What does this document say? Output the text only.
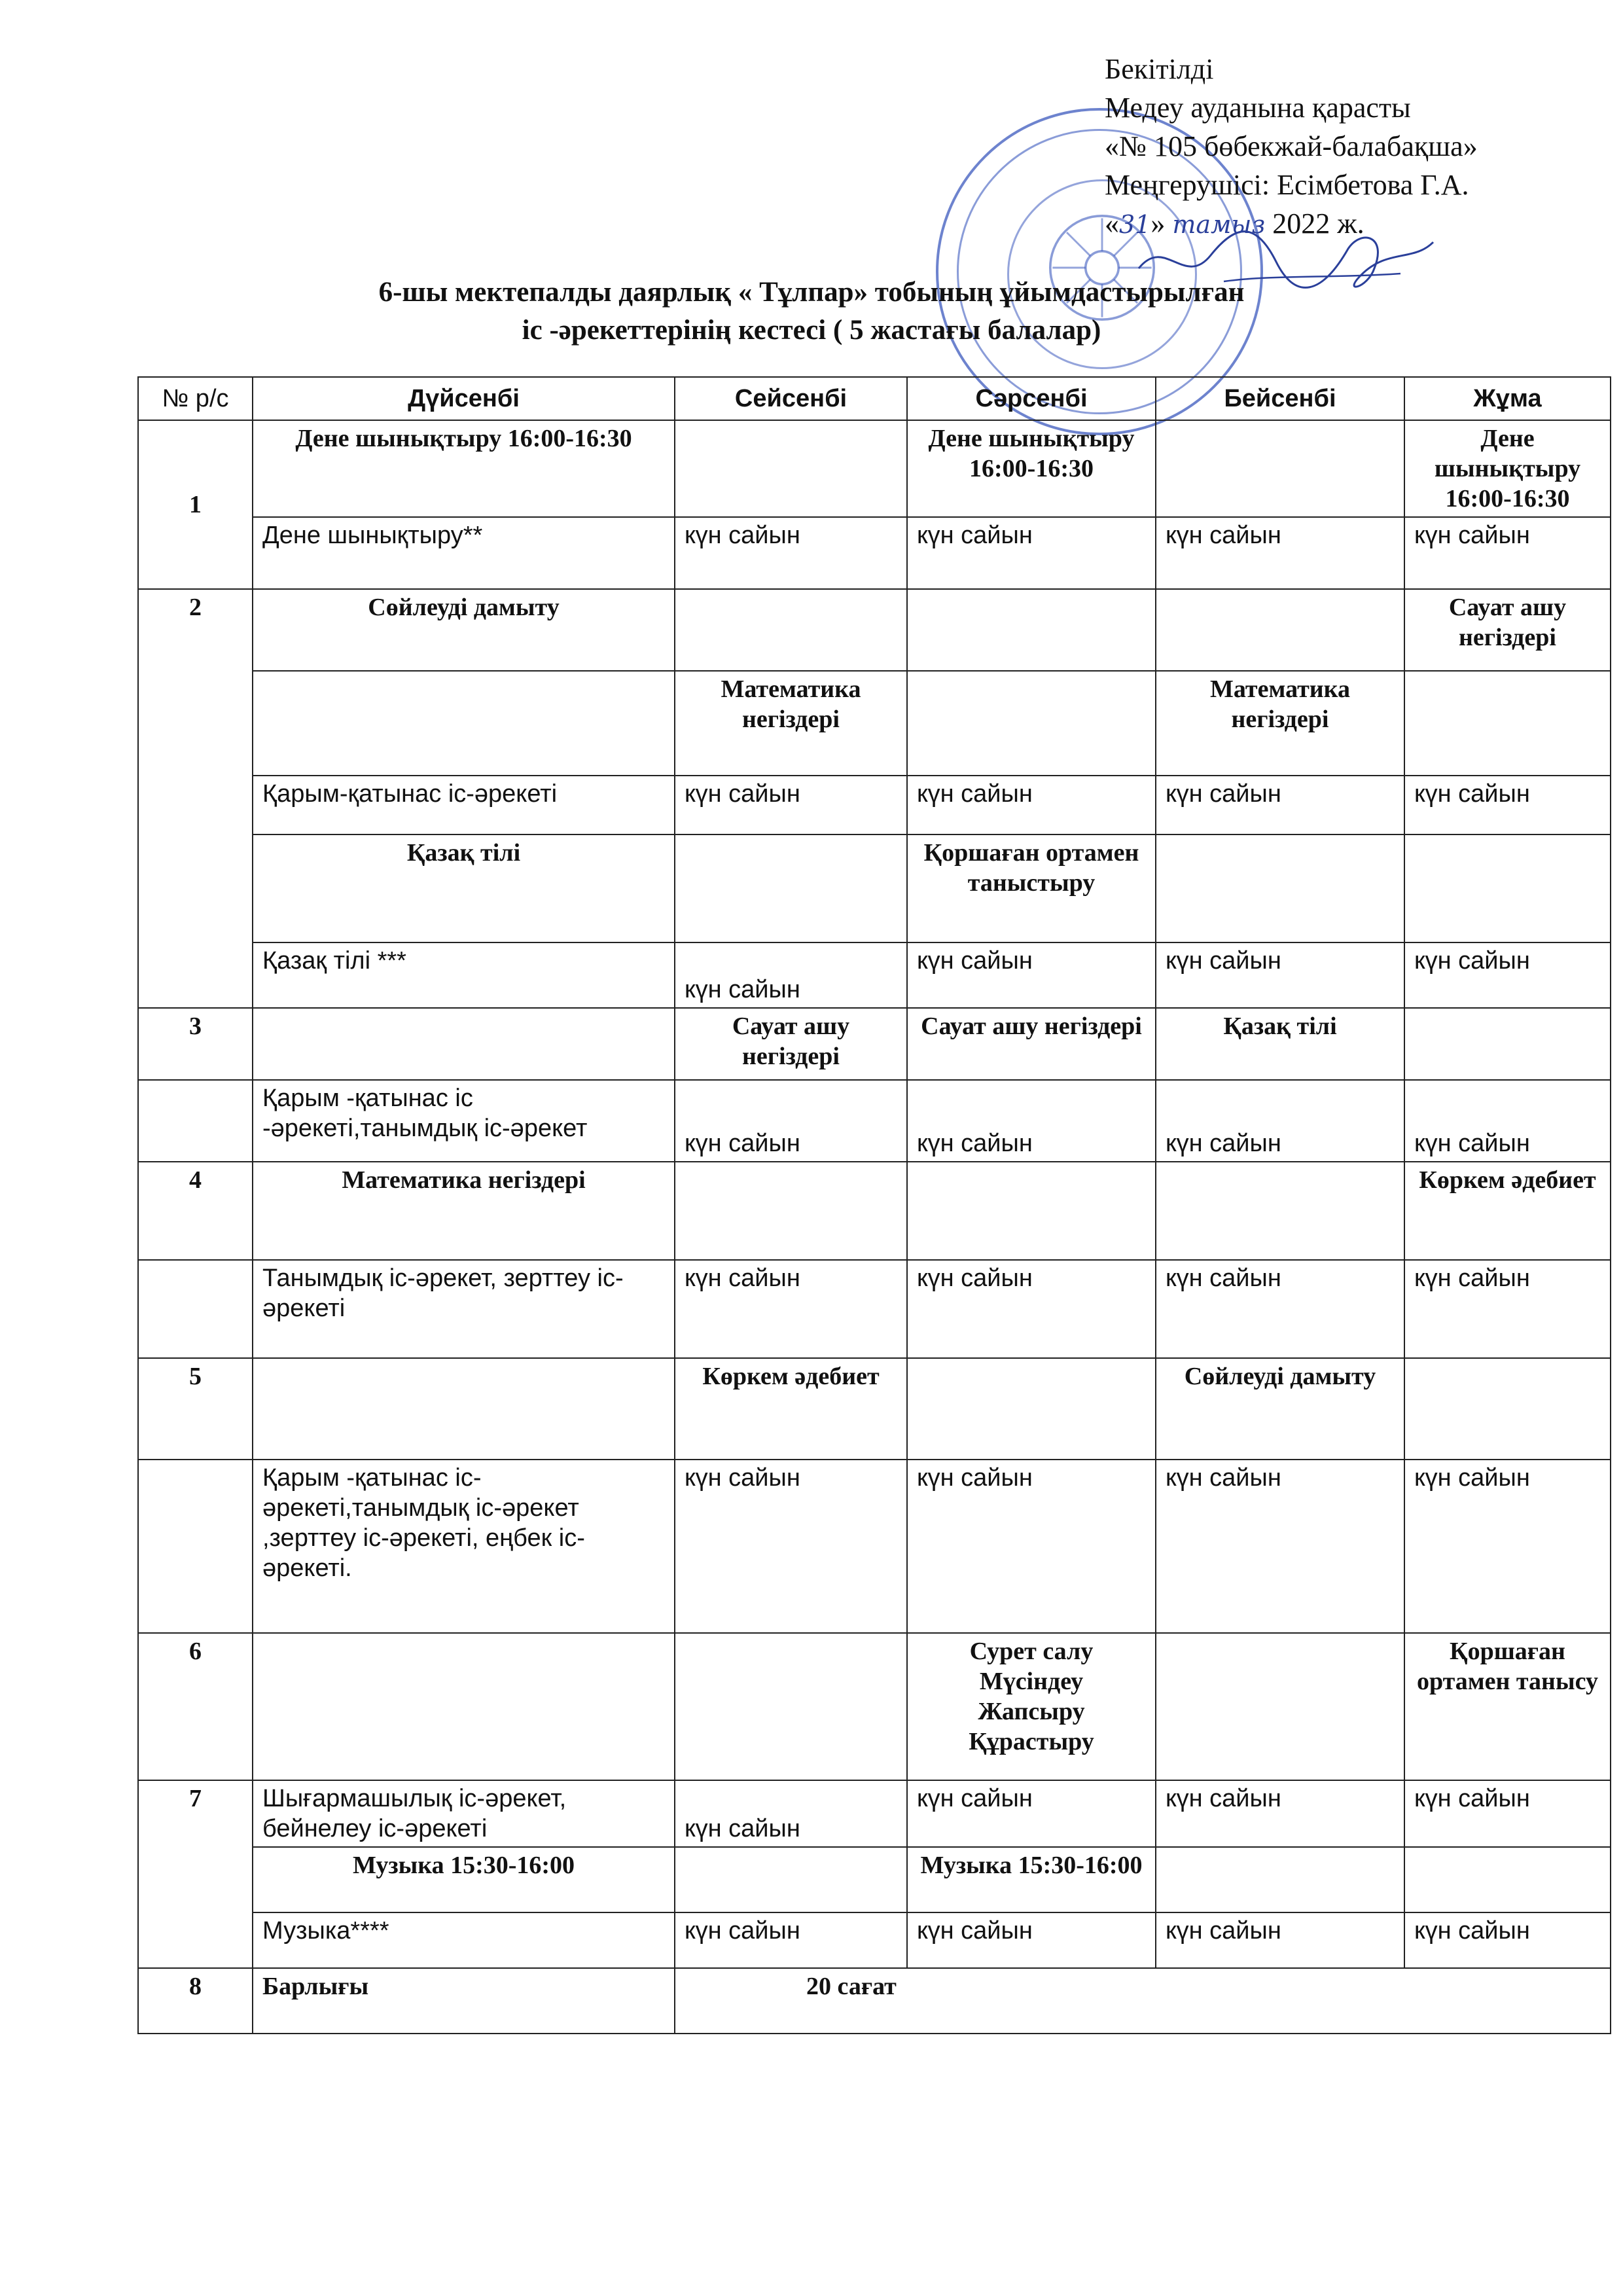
Бекітілді
Медеу ауданына қарасты
«№ 105 бөбекжай-балабақша»
Меңгерушісі: Есімбетова Г.А.
«31» тамыз 2022 ж.
6-шы мектепалды даярлық « Тұлпар» тобының ұйымдастырылған
іс -әрекеттерінің кестесі ( 5 жастағы балалар)
№ р/с	Дүйсенбі	Сейсенбі	Сәрсенбі	Бейсенбі	Жұма
1	Дене шынықтыру 16:00-16:30		Дене шынықтыру 16:00-16:30		Дене шынықтыру 16:00-16:30
	Дене шынықтыру**	күн сайын	күн сайын	күн сайын	күн сайын
2	Сөйлеуді дамыту				Сауат ашу негіздері
		Математика негіздері		Математика негіздері	
	Қарым-қатынас іс-әрекеті	күн сайын	күн сайын	күн сайын	күн сайын
	Қазақ тілі		Қоршаған ортамен таныстыру		
	Қазақ тілі ***	күн сайын	күн сайын	күн сайын	күн сайын
3		Сауат ашу негіздері	Сауат ашу негіздері	Қазақ тілі	
	Қарым -қатынас іс -әрекеті,танымдық іс-әрекет	күн сайын	күн сайын	күн сайын	күн сайын
4	Математика негіздері				Көркем әдебиет
	Танымдық іс-әрекет, зерттеу іс-әрекеті	күн сайын	күн сайын	күн сайын	күн сайын
5		Көркем әдебиет		Сөйлеуді дамыту	
	Қарым -қатынас іс-әрекеті,танымдық іс-әрекет ,зерттеу іс-әрекеті, еңбек іс-әрекеті.	күн сайын	күн сайын	күн сайын	күн сайын
6			Сурет салу
Мүсіндеу
Жапсыру
Құрастыру		Қоршаған ортамен танысу
7	Шығармашылық іс-әрекет, бейнелеу іс-әрекеті	күн сайын	күн сайын	күн сайын	күн сайын
	Музыка 15:30-16:00		Музыка 15:30-16:00		
	Музыка****	күн сайын	күн сайын	күн сайын	күн сайын
8	Барлығы	20 сағат			
